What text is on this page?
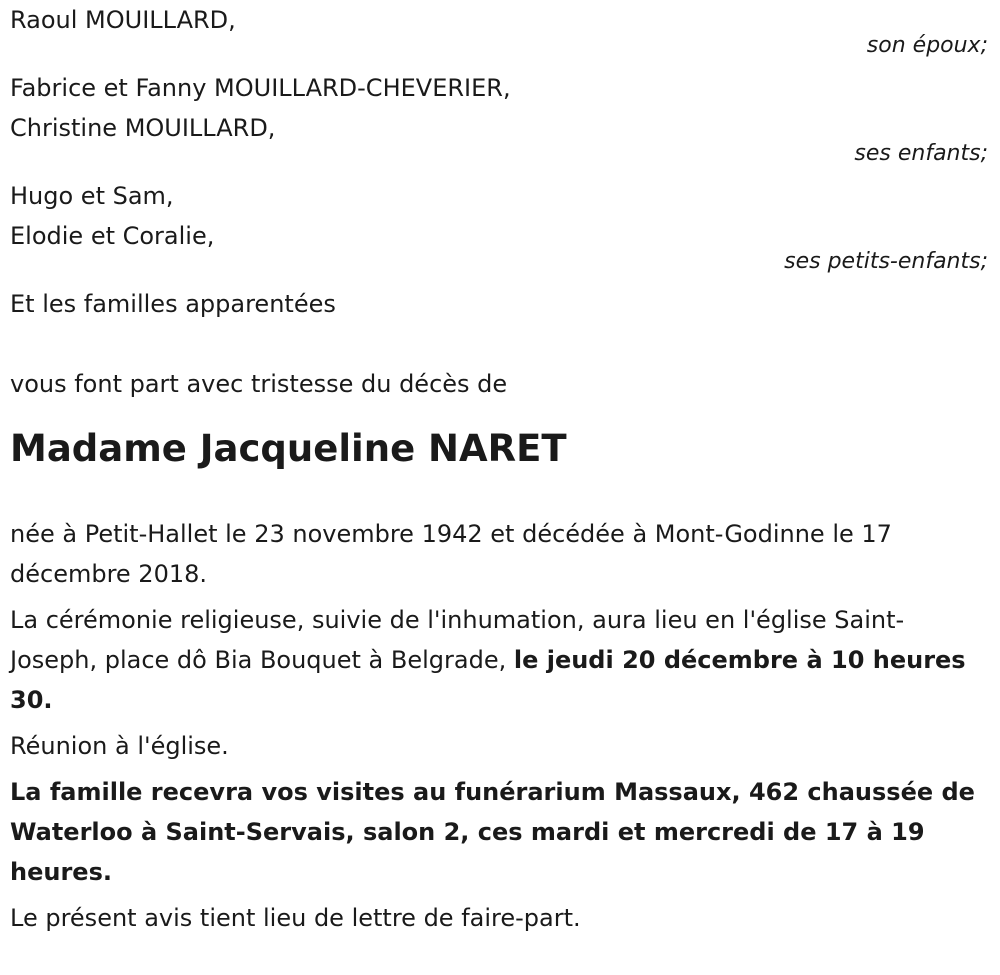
Raoul MOUILLARD,
son époux;
Fabrice et Fanny MOUILLARD-CHEVERIER,
Christine MOUILLARD,
ses enfants;
Hugo et Sam,
Elodie et Coralie,
ses petits-enfants;
Et les familles apparentées
vous font part avec tristesse du décès de
Madame Jacqueline NARET
née à Petit-Hallet le 23 novembre 1942 et décédée à Mont-Godinne le 17 décembre 2018.
La cérémonie religieuse, suivie de l'inhumation, aura lieu en l'église Saint-Joseph, place dô Bia Bouquet à Belgrade, le jeudi 20 décembre à 10 heures 30.
Réunion à l'église.
La famille recevra vos visites au funérarium Massaux, 462 chaussée de Waterloo à Saint-Servais, salon 2, ces mardi et mercredi de 17 à 19 heures.
Le présent avis tient lieu de lettre de faire-part.
